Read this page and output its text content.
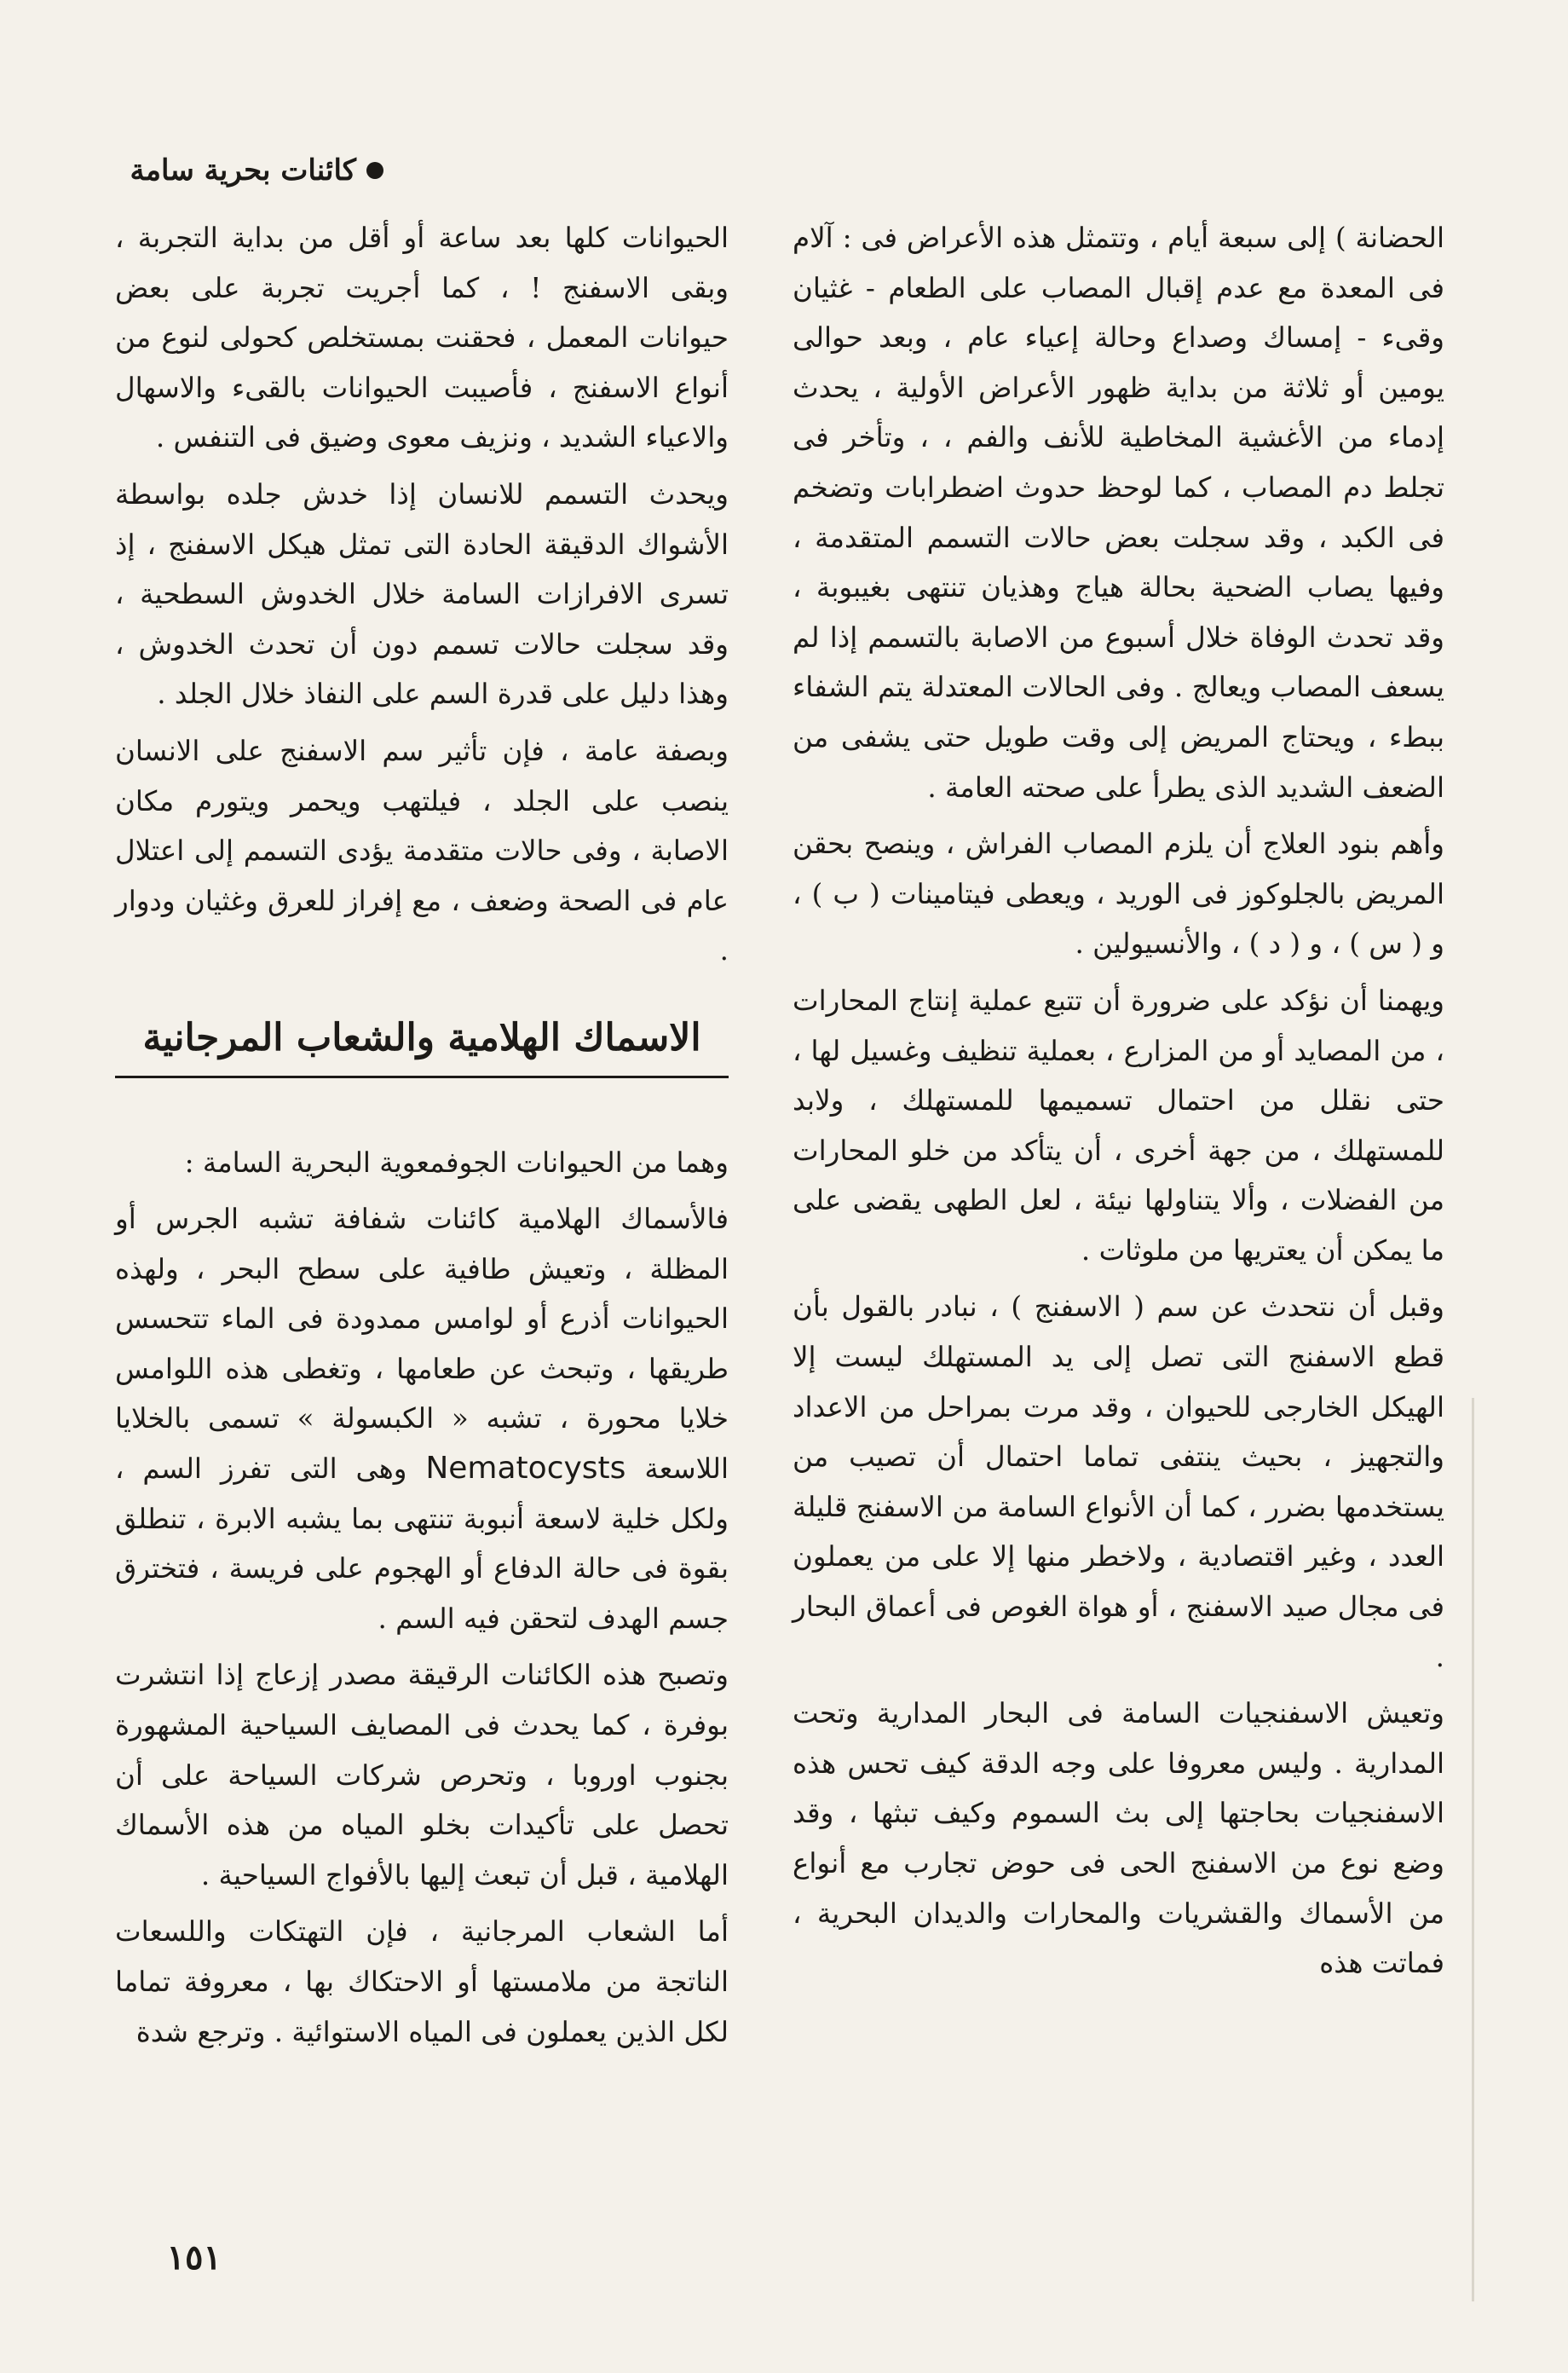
كائنات بحرية سامة

الحضانة ) إلى سبعة أيام ، وتتمثل هذه الأعراض فى : آلام فى المعدة مع عدم إقبال المصاب على الطعام - غثيان وقىء - إمساك وصداع وحالة إعياء عام ، وبعد حوالى يومين أو ثلاثة من بداية ظهور الأعراض الأولية ، يحدث إدماء من الأغشية المخاطية للأنف والفم ، ، وتأخر فى تجلط دم المصاب ، كما لوحظ حدوث اضطرابات وتضخم فى الكبد ، وقد سجلت بعض حالات التسمم المتقدمة ، وفيها يصاب الضحية بحالة هياج وهذيان تنتهى بغيبوبة ، وقد تحدث الوفاة خلال أسبوع من الاصابة بالتسمم إذا لم يسعف المصاب ويعالج . وفى الحالات المعتدلة يتم الشفاء ببطء ، ويحتاج المريض إلى وقت طويل حتى يشفى من الضعف الشديد الذى يطرأ على صحته العامة .

وأهم بنود العلاج أن يلزم المصاب الفراش ، وينصح بحقن المريض بالجلوكوز فى الوريد ، ويعطى فيتامينات ( ب ) ، و ( س ) ، و ( د ) ، والأنسيولين .

ويهمنا أن نؤكد على ضرورة أن تتبع عملية إنتاج المحارات ، من المصايد أو من المزارع ، بعملية تنظيف وغسيل لها ، حتى نقلل من احتمال تسميمها للمستهلك ، ولابد للمستهلك ، من جهة أخرى ، أن يتأكد من خلو المحارات من الفضلات ، وألا يتناولها نيئة ، لعل الطهى يقضى على ما يمكن أن يعتريها من ملوثات .

وقبل أن نتحدث عن سم ( الاسفنج ) ، نبادر بالقول بأن قطع الاسفنج التى تصل إلى يد المستهلك ليست إلا الهيكل الخارجى للحيوان ، وقد مرت بمراحل من الاعداد والتجهيز ، بحيث ينتفى تماما احتمال أن تصيب من يستخدمها بضرر ، كما أن الأنواع السامة من الاسفنج قليلة العدد ، وغير اقتصادية ، ولاخطر منها إلا على من يعملون فى مجال صيد الاسفنج ، أو هواة الغوص فى أعماق البحار .

وتعيش الاسفنجيات السامة فى البحار المدارية وتحت المدارية . وليس معروفا على وجه الدقة كيف تحس هذه الاسفنجيات بحاجتها إلى بث السموم وكيف تبثها ، وقد وضع نوع من الاسفنج الحى فى حوض تجارب مع أنواع من الأسماك والقشريات والمحارات والديدان البحرية ، فماتت هذه

الحيوانات كلها بعد ساعة أو أقل من بداية التجربة ، وبقى الاسفنج ! ، كما أجريت تجربة على بعض حيوانات المعمل ، فحقنت بمستخلص كحولى لنوع من أنواع الاسفنج ، فأصيبت الحيوانات بالقىء والاسهال والاعياء الشديد ، ونزيف معوى وضيق فى التنفس .

ويحدث التسمم للانسان إذا خدش جلده بواسطة الأشواك الدقيقة الحادة التى تمثل هيكل الاسفنج ، إذ تسرى الافرازات السامة خلال الخدوش السطحية ، وقد سجلت حالات تسمم دون أن تحدث الخدوش ، وهذا دليل على قدرة السم على النفاذ خلال الجلد .

وبصفة عامة ، فإن تأثير سم الاسفنج على الانسان ينصب على الجلد ، فيلتهب ويحمر ويتورم مكان الاصابة ، وفى حالات متقدمة يؤدى التسمم إلى اعتلال عام فى الصحة وضعف ، مع إفراز للعرق وغثيان ودوار .

الاسماك الهلامية والشعاب المرجانية

وهما من الحيوانات الجوفمعوية البحرية السامة :

فالأسماك الهلامية كائنات شفافة تشبه الجرس أو المظلة ، وتعيش طافية على سطح البحر ، ولهذه الحيوانات أذرع أو لوامس ممدودة فى الماء تتحسس طريقها ، وتبحث عن طعامها ، وتغطى هذه اللوامس خلايا محورة ، تشبه « الكبسولة » تسمى بالخلايا اللاسعة Nematocysts وهى التى تفرز السم ، ولكل خلية لاسعة أنبوبة تنتهى بما يشبه الابرة ، تنطلق بقوة فى حالة الدفاع أو الهجوم على فريسة ، فتخترق جسم الهدف لتحقن فيه السم .

وتصبح هذه الكائنات الرقيقة مصدر إزعاج إذا انتشرت بوفرة ، كما يحدث فى المصايف السياحية المشهورة بجنوب اوروبا ، وتحرص شركات السياحة على أن تحصل على تأكيدات بخلو المياه من هذه الأسماك الهلامية ، قبل أن تبعث إليها بالأفواج السياحية .

أما الشعاب المرجانية ، فإن التهتكات واللسعات الناتجة من ملامستها أو الاحتكاك بها ، معروفة تماما لكل الذين يعملون فى المياه الاستوائية . وترجع شدة

١٥١
